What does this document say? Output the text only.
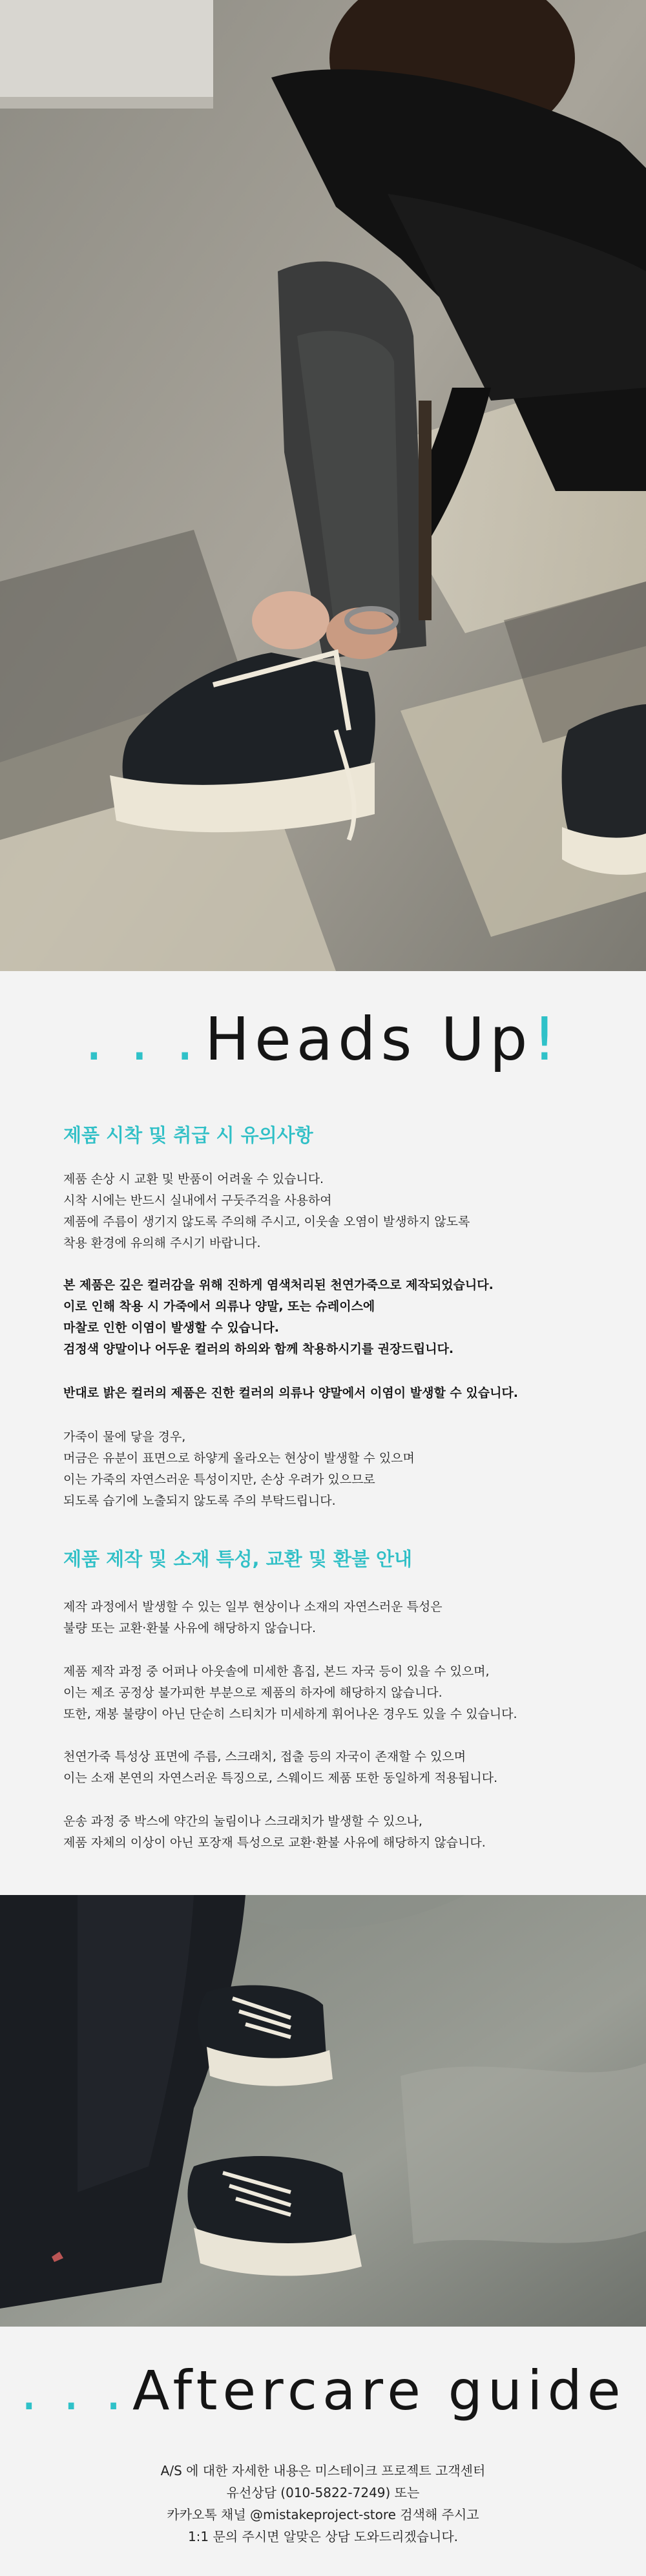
. . . Heads Up!
제품 시착 및 취급 시 유의사항
제품 손상 시 교환 및 반품이 어려울 수 있습니다.
시착 시에는 반드시 실내에서 구둣주걱을 사용하여
제품에 주름이 생기지 않도록 주의해 주시고, 이웃솔 오염이 발생하지 않도록
착용 환경에 유의해 주시기 바랍니다.
본 제품은 깊은 컬러감을 위해 진하게 염색처리된 천연가죽으로 제작되었습니다.
이로 인해 착용 시 가죽에서 의류나 양말, 또는 슈레이스에
마찰로 인한 이염이 발생할 수 있습니다.
검정색 양말이나 어두운 컬러의 하의와 함께 착용하시기를 권장드립니다.
반대로 밝은 컬러의 제품은 진한 컬러의 의류나 양말에서 이염이 발생할 수 있습니다.
가죽이 물에 닿을 경우,
머금은 유분이 표면으로 하얗게 올라오는 현상이 발생할 수 있으며
이는 가죽의 자연스러운 특성이지만, 손상 우려가 있으므로
되도록 습기에 노출되지 않도록 주의 부탁드립니다.
제품 제작 및 소재 특성, 교환 및 환불 안내
제작 과정에서 발생할 수 있는 일부 현상이나 소재의 자연스러운 특성은
불량 또는 교환·환불 사유에 해당하지 않습니다.
제품 제작 과정 중 어퍼나 아웃솔에 미세한 흠집, 본드 자국 등이 있을 수 있으며,
이는 제조 공정상 불가피한 부분으로 제품의 하자에 해당하지 않습니다.
또한, 재봉 불량이 아닌 단순히 스티치가 미세하게 휘어나온 경우도 있을 수 있습니다.
천연가죽 특성상 표면에 주름, 스크래치, 접출 등의 자국이 존재할 수 있으며
이는 소재 본연의 자연스러운 특징으로, 스웨이드 제품 또한 동일하게 적용됩니다.
운송 과정 중 박스에 약간의 눌림이나 스크래치가 발생할 수 있으나,
제품 자체의 이상이 아닌 포장재 특성으로 교환·환불 사유에 해당하지 않습니다.
. . . Aftercare guide
A/S 에 대한 자세한 내용은 미스테이크 프로젝트 고객센터
유선상담 (010-5822-7249) 또는
카카오톡 채널 @mistakeproject-store 검색해 주시고
1:1 문의 주시면 알맞은 상담 도와드리겠습니다.
